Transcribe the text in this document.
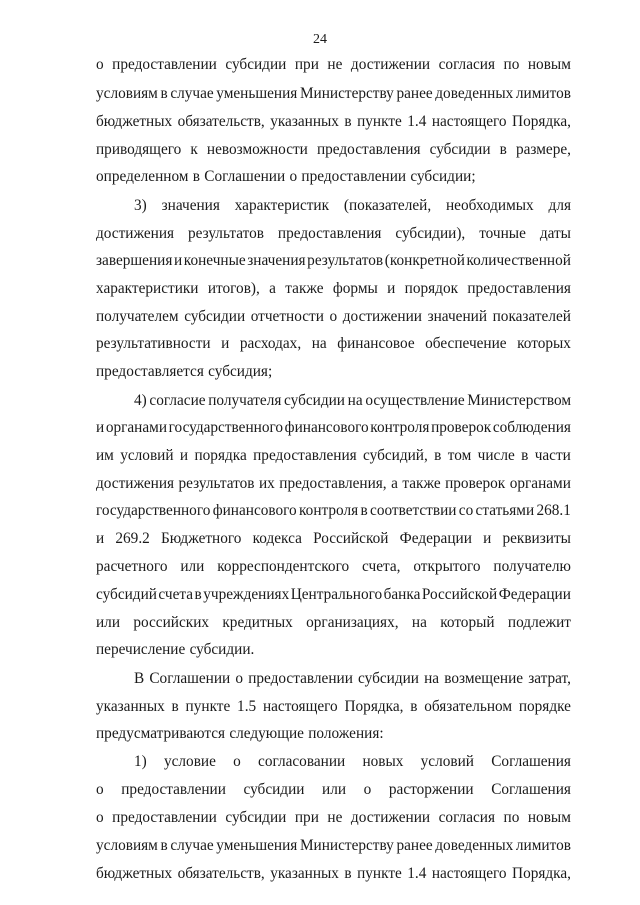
24
о предоставлении субсидии при не достижении согласия по новым
условиям в случае уменьшения Министерству ранее доведенных лимитов
бюджетных обязательств, указанных в пункте 1.4 настоящего Порядка,
приводящего к невозможности предоставления субсидии в размере,
определенном в Соглашении о предоставлении субсидии;
3) значения характеристик (показателей, необходимых для
достижения результатов предоставления субсидии), точные даты
завершения и конечные значения результатов (конкретной количественной
характеристики итогов), а также формы и порядок предоставления
получателем субсидии отчетности о достижении значений показателей
результативности и расходах, на финансовое обеспечение которых
предоставляется субсидия;
4) согласие получателя субсидии на осуществление Министерством
и органами государственного финансового контроля проверок соблюдения
им условий и порядка предоставления субсидий, в том числе в части
достижения результатов их предоставления, а также проверок органами
государственного финансового контроля в соответствии со статьями 268.1
и 269.2 Бюджетного кодекса Российской Федерации и реквизиты
расчетного или корреспондентского счета, открытого получателю
субсидий счета в учреждениях Центрального банка Российской Федерации
или российских кредитных организациях, на который подлежит
перечисление субсидии.
В Соглашении о предоставлении субсидии на возмещение затрат,
указанных в пункте 1.5 настоящего Порядка, в обязательном порядке
предусматриваются следующие положения:
1) условие о согласовании новых условий Соглашения
о предоставлении субсидии или о расторжении Соглашения
о предоставлении субсидии при не достижении согласия по новым
условиям в случае уменьшения Министерству ранее доведенных лимитов
бюджетных обязательств, указанных в пункте 1.4 настоящего Порядка,
